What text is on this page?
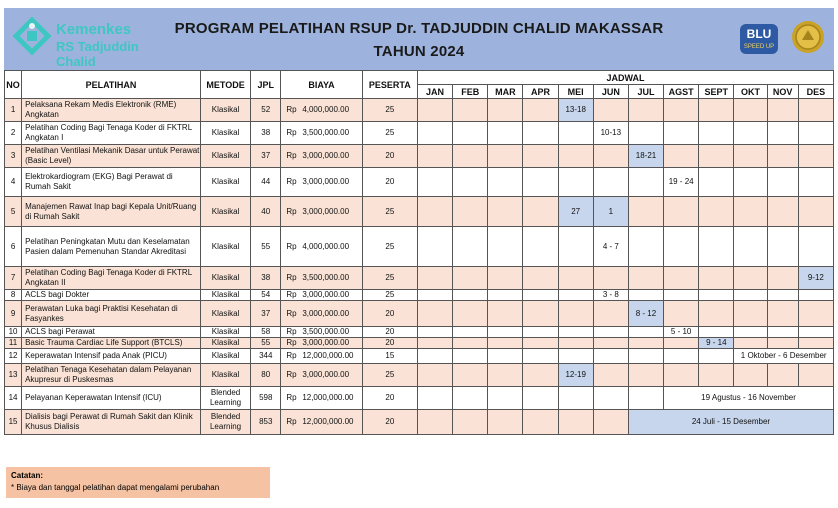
Kemenkes
RS Tadjuddin Chalid
PROGRAM PELATIHAN RSUP Dr. TADJUDDIN CHALID MAKASSAR
TAHUN 2024
BLU
SPEED UP
NO	PELATIHAN	METODE	JPL	BIAYA	PESERTA	JADWAL											
						JAN	FEB	MAR	APR	MEI	JUN	JUL	AGST	SEPT	OKT	NOV	DES
1	Pelaksana Rekam Medis Elektronik (RME) Angkatan	Klasikal	52	Rp 4,000,000.00	25					13-18							
2	Pelatihan Coding Bagi Tenaga Koder di FKTRL Angkatan I	Klasikal	38	Rp 3,500,000.00	25						10-13						
3	Pelatihan Ventilasi Mekanik Dasar untuk Perawat (Basic Level)	Klasikal	37	Rp 3,000,000.00	20							18-21					
4	Elektrokardiogram (EKG) Bagi Perawat di Rumah Sakit	Klasikal	44	Rp 3,000,000.00	20								19 - 24				
5	Manajemen Rawat Inap bagi Kepala Unit/Ruang di Rumah Sakit	Klasikal	40	Rp 3,000,000.00	25					27	1						
6	Pelatihan Peningkatan Mutu dan Keselamatan Pasien dalam Pemenuhan Standar Akreditasi	Klasikal	55	Rp 4,000,000.00	25						4 - 7						
7	Pelatihan Coding Bagi Tenaga Koder di FKTRL Angkatan II	Klasikal	38	Rp 3,500,000.00	25												9-12
8	ACLS bagi Dokter	Klasikal	54	Rp 3,000,000.00	25						3 - 8						
9	Perawatan Luka bagi Praktisi Kesehatan di Fasyankes	Klasikal	37	Rp 3,000,000.00	20							8 - 12					
10	ACLS bagi Perawat	Klasikal	58	Rp 3,500,000.00	20								5 - 10				
11	Basic Trauma Cardiac Life Support (BTCLS)	Klasikal	55	Rp 3,000,000.00	20									9 - 14			
12	Keperawatan Intensif pada Anak (PICU)	Klasikal	344	Rp 12,000,000.00	15										1 Oktober - 6 Desember		
13	Pelatihan Tenaga Kesehatan dalam Pelayanan Akupresur di Puskesmas	Klasikal	80	Rp 3,000,000.00	25					12-19							
14	Pelayanan Keperawatan Intensif (ICU)	Blended Learning	598	Rp 12,000,000.00	20								19 Agustus - 16 November				
15	Dialisis bagi Perawat di Rumah Sakit dan Klinik Khusus Dialisis	Blended Learning	853	Rp 12,000,000.00	20							24 Juli - 15 Desember					
Catatan:
* Biaya dan tanggal pelatihan dapat mengalami perubahan
